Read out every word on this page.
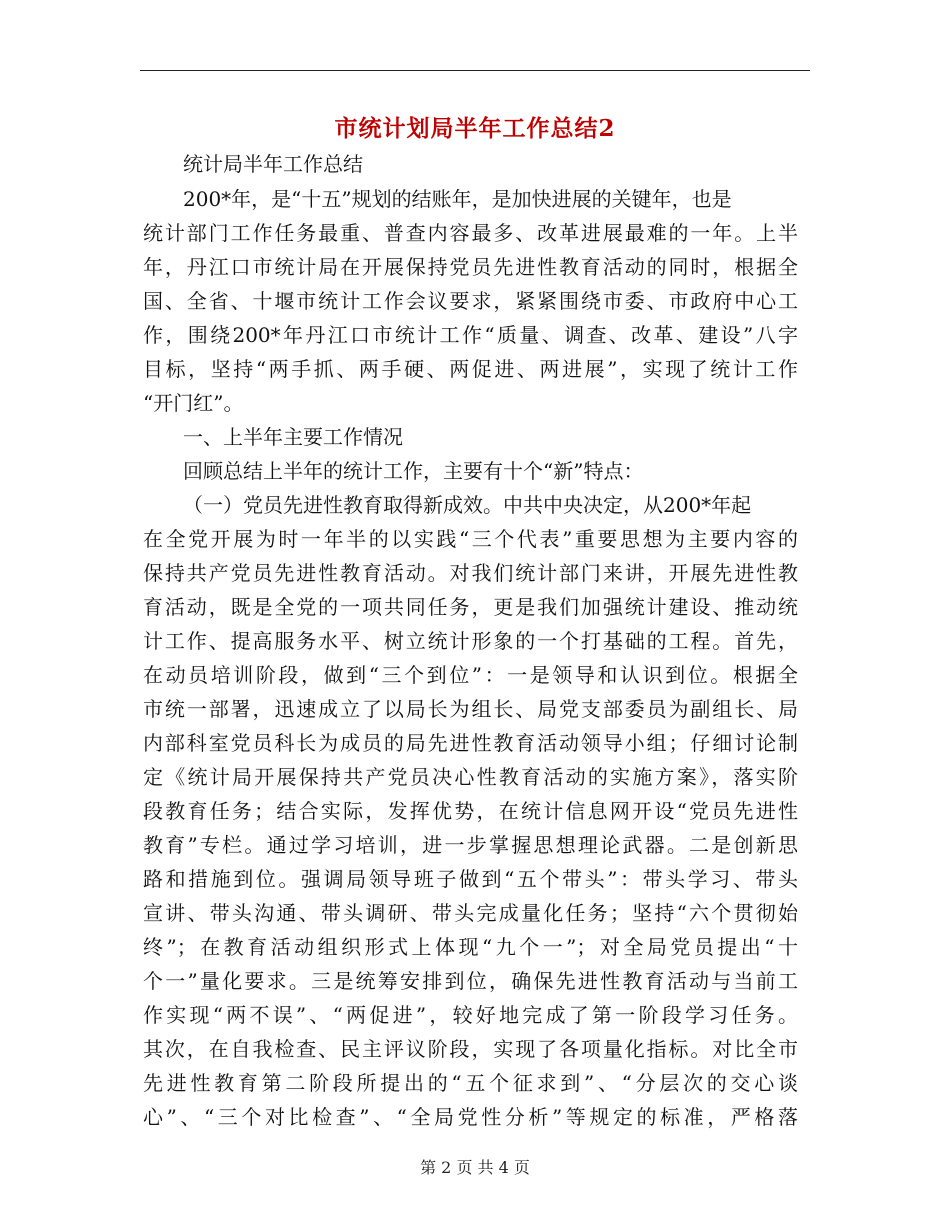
市统计划局半年工作总结2
统计局半年工作总结
200*年，是“十五”规划的结账年，是加快进展的关键年，也是
统计部门工作任务最重、普查内容最多、改革进展最难的一年。上半
年，丹江口市统计局在开展保持党员先进性教育活动的同时，根据全
国、全省、十堰市统计工作会议要求，紧紧围绕市委、市政府中心工
作，围绕200*年丹江口市统计工作“质量、调查、改革、建设”八字
目标，坚持“两手抓、两手硬、两促进、两进展”，实现了统计工作
“开门红”。
一、上半年主要工作情况
回顾总结上半年的统计工作，主要有十个“新”特点：
（一）党员先进性教育取得新成效。中共中央决定，从200*年起
在全党开展为时一年半的以实践“三个代表”重要思想为主要内容的
保持共产党员先进性教育活动。对我们统计部门来讲，开展先进性教
育活动，既是全党的一项共同任务，更是我们加强统计建设、推动统
计工作、提高服务水平、树立统计形象的一个打基础的工程。首先，
在动员培训阶段，做到“三个到位”：一是领导和认识到位。根据全
市统一部署，迅速成立了以局长为组长、局党支部委员为副组长、局
内部科室党员科长为成员的局先进性教育活动领导小组；仔细讨论制
定《统计局开展保持共产党员决心性教育活动的实施方案》，落实阶
段教育任务；结合实际，发挥优势，在统计信息网开设“党员先进性
教育”专栏。通过学习培训，进一步掌握思想理论武器。二是创新思
路和措施到位。强调局领导班子做到“五个带头”：带头学习、带头
宣讲、带头沟通、带头调研、带头完成量化任务；坚持“六个贯彻始
终”；在教育活动组织形式上体现“九个一”；对全局党员提出“十
个一”量化要求。三是统筹安排到位，确保先进性教育活动与当前工
作实现“两不误”、“两促进”，较好地完成了第一阶段学习任务。
其次，在自我检查、民主评议阶段，实现了各项量化指标。对比全市
先进性教育第二阶段所提出的“五个征求到”、“分层次的交心谈
心”、“三个对比检查”、“全局党性分析”等规定的标准，严格落
第 2 页 共 4 页
